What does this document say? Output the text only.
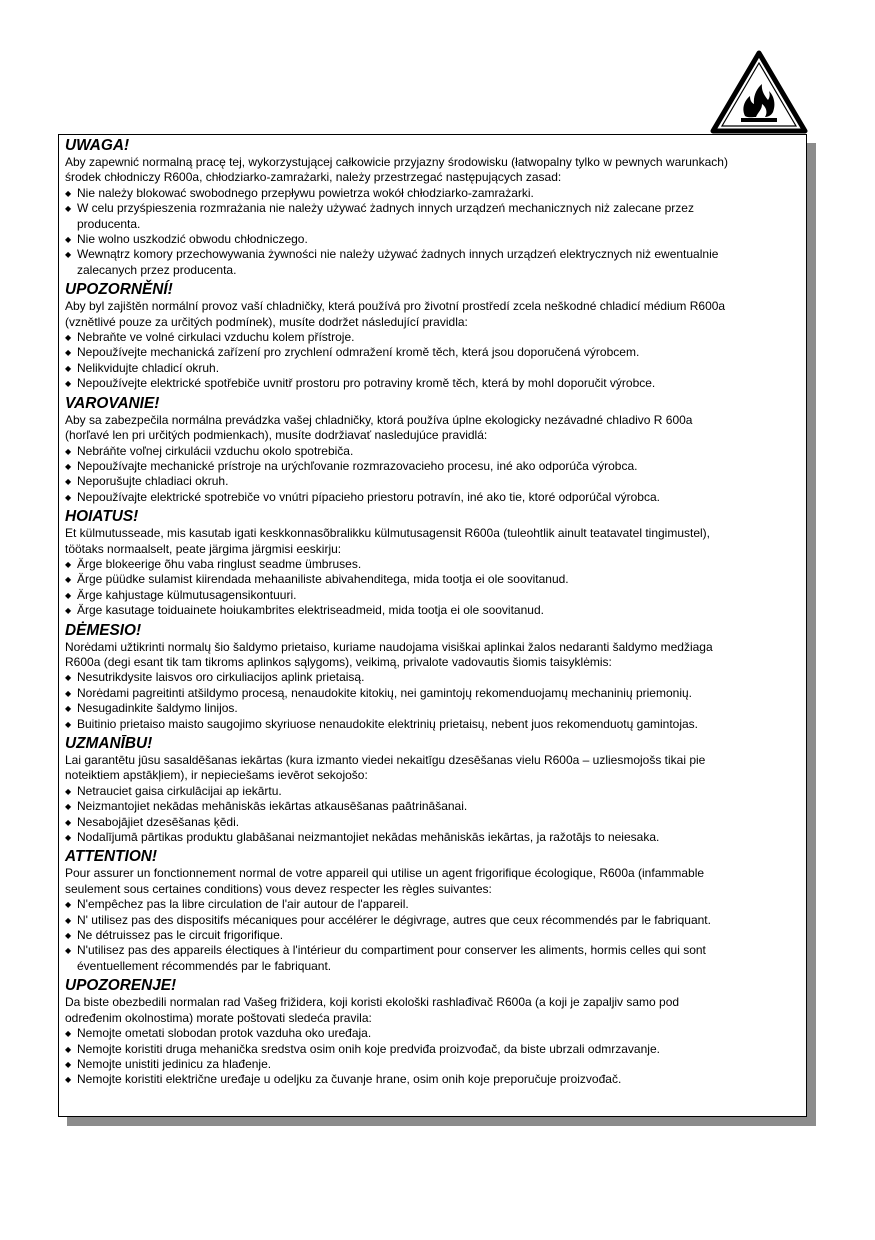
UWAGA!
Aby zapewnić normalną pracę tej, wykorzystującej całkowicie przyjazny środowisku (łatwopalny tylko w pewnych warunkach)
środek chłodniczy R600a, chłodziarko-zamrażarki, należy przestrzegać następujących zasad:
◆ Nie należy blokować swobodnego przepływu powietrza wokół chłodziarko-zamrażarki.
◆ W celu przyśpieszenia rozmrażania nie należy używać żadnych innych urządzeń mechanicznych niż zalecane przez
producenta.
◆ Nie wolno uszkodzić obwodu chłodniczego.
◆ Wewnątrz komory przechowywania żywności nie należy używać żadnych innych urządzeń elektrycznych niż ewentualnie
zalecanych przez producenta.
UPOZORNĚNÍ!
Aby byl zajištěn normální provoz vaší chladničky, která používá pro životní prostředí zcela neškodné chladicí médium R600a
(vznětlivé pouze za určitých podmínek), musíte dodržet následující pravidla:
◆ Nebraňte ve volné cirkulaci vzduchu kolem přístroje.
◆ Nepoužívejte mechanická zařízení pro zrychlení odmražení kromě těch, která jsou doporučená výrobcem.
◆ Nelikvidujte chladicí okruh.
◆ Nepoužívejte elektrické spotřebiče uvnitř prostoru pro potraviny kromě těch, která by mohl doporučit výrobce.
VAROVANIE!
Aby sa zabezpečila normálna prevádzka vašej chladničky, ktorá používa úplne ekologicky nezávadné chladivo R 600a
(horľavé len pri určitých podmienkach), musíte dodržiavať nasledujúce pravidlá:
◆ Nebráňte voľnej cirkulácii vzduchu okolo spotrebiča.
◆ Nepoužívajte mechanické prístroje na urýchľovanie rozmrazovacieho procesu, iné ako odporúča výrobca.
◆ Neporušujte chladiaci okruh.
◆ Nepoužívajte elektrické spotrebiče vo vnútri pípacieho priestoru potravín, iné ako tie, ktoré odporúčal výrobca.
HOIATUS!
Et külmutusseade, mis kasutab igati keskkonnasõbralikku külmutusagensit R600a (tuleohtlik ainult teatavatel tingimustel),
töötaks normaalselt, peate järgima järgmisi eeskirju:
◆ Ärge blokeerige õhu vaba ringlust seadme ümbruses.
◆ Ärge püüdke sulamist kiirendada mehaaniliste abivahenditega, mida tootja ei ole soovitanud.
◆ Ärge kahjustage külmutusagensikontuuri.
◆ Ärge kasutage toiduainete hoiukambrites elektriseadmeid, mida tootja ei ole soovitanud.
DĖMESIO!
Norėdami užtikrinti normalų šio šaldymo prietaiso, kuriame naudojama visiškai aplinkai žalos nedaranti šaldymo medžiaga
R600a (degi esant tik tam tikroms aplinkos sąlygoms), veikimą, privalote vadovautis šiomis taisyklėmis:
◆ Nesutrikdysite laisvos oro cirkuliacijos aplink prietaisą.
◆ Norėdami pagreitinti atšildymo procesą, nenaudokite kitokių, nei gamintojų rekomenduojamų mechaninių priemonių.
◆ Nesugadinkite šaldymo linijos.
◆ Buitinio prietaiso maisto saugojimo skyriuose nenaudokite elektrinių prietaisų, nebent juos rekomenduotų gamintojas.
UZMANĪBU!
Lai garantētu jūsu sasaldēšanas iekārtas (kura izmanto viedei nekaitīgu dzesēšanas vielu R600a – uzliesmojošs tikai pie
noteiktiem apstākļiem), ir nepieciešams ievērot sekojošo:
◆ Netrauciet gaisa cirkulācijai ap iekārtu.
◆ Neizmantojiet nekādas mehāniskās iekārtas atkausēšanas paātrināšanai.
◆ Nesabojājiet dzesēšanas ķēdi.
◆ Nodalījumā pārtikas produktu glabāšanai neizmantojiet nekādas mehāniskās iekārtas, ja ražotājs to neiesaka.
ATTENTION!
Pour assurer un fonctionnement normal de votre appareil qui utilise un agent frigorifique écologique, R600a (infammable
seulement sous certaines conditions) vous devez respecter les règles suivantes:
◆ N'empêchez pas la libre circulation de l'air autour de l'appareil.
◆ N' utilisez pas des dispositifs mécaniques pour accélérer le dégivrage, autres que ceux récommendés par le fabriquant.
◆ Ne détruissez pas le circuit frigorifique.
◆ N'utilisez pas des appareils électiques à l'intérieur du compartiment pour conserver les aliments, hormis celles qui sont
éventuellement récommendés par le fabriquant.
UPOZORENJE!
Da biste obezbedili normalan rad Vašeg frižidera, koji koristi ekološki rashlađivač R600a (a koji je zapaljiv samo pod
određenim okolnostima) morate poštovati sledeća pravila:
◆ Nemojte ometati slobodan protok vazduha oko uređaja.
◆ Nemojte koristiti druga mehanička sredstva osim onih koje predviđa proizvođač, da biste ubrzali odmrzavanje.
◆ Nemojte unistiti jedinicu za hlađenje.
◆ Nemojte koristiti električne uređaje u odeljku za čuvanje hrane, osim onih koje preporučuje proizvođač.
